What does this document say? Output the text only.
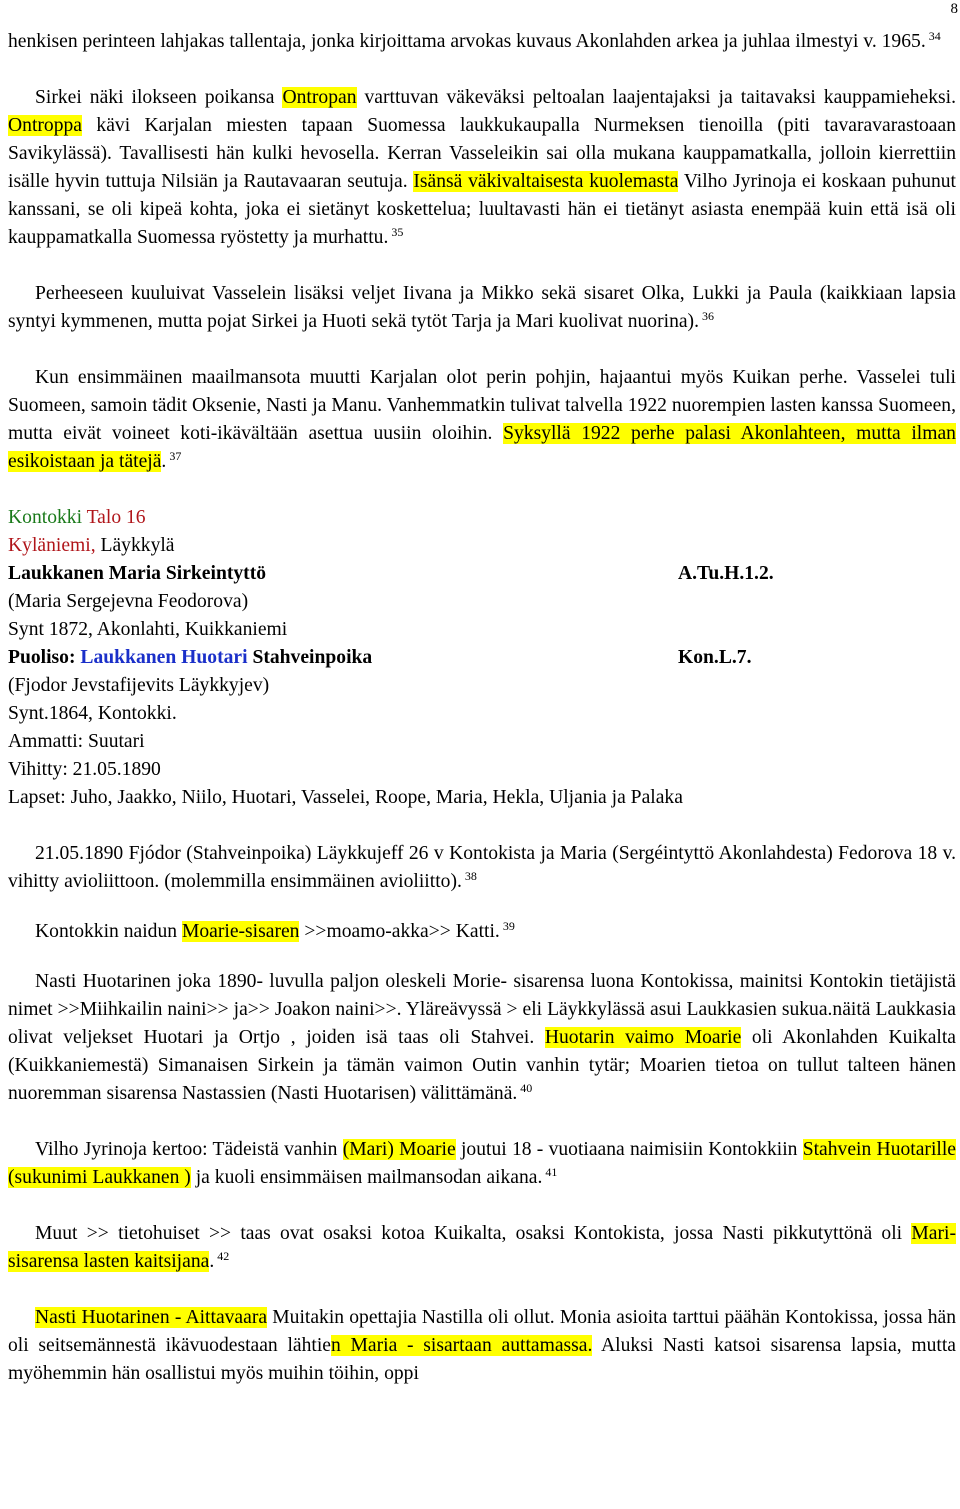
8

henkisen perinteen lahjakas tallentaja, jonka kirjoittama arvokas kuvaus Akonlahden arkea ja juhlaa ilmestyi v. 1965. $^{34}$

Sirkei näki ilokseen poikansa Ontropan varttuvan väkeväksi peltoalan laajentajaksi ja taitavaksi kauppamieheksi. Ontroppa kävi Karjalan miesten tapaan Suomessa laukkukaupalla Nurmeksen tienoilla (piti tavaravarastoaan Savikylässä). Tavallisesti hän kulki hevosella. Kerran Vasseleikin sai olla mukana kauppamatkalla, jolloin kierrettiin isälle hyvin tuttuja Nilsiän ja Rautavaaran seutuja. Isänsä väkivaltaisesta kuolemasta Vilho Jyrinoja ei koskaan puhunut kanssani, se oli kipeä kohta, joka ei sietänyt koskettelua; luultavasti hän ei tietänyt asiasta enempää kuin että isä oli kauppamatkalla Suomessa ryöstetty ja murhattu. $^{35}$

Perheeseen kuuluivat Vasselein lisäksi veljet Iivana ja Mikko sekä sisaret Olka, Lukki ja Paula (kaikkiaan lapsia syntyi kymmenen, mutta pojat Sirkei ja Huoti sekä tytöt Tarja ja Mari kuolivat nuorina). $^{36}$

Kun ensimmäinen maailmansota muutti Karjalan olot perin pohjin, hajaantui myös Kuikan perhe. Vasselei tuli Suomeen, samoin tädit Oksenie, Nasti ja Manu. Vanhemmatkin tulivat talvella 1922 nuorempien lasten kanssa Suomeen, mutta eivät voineet koti-ikävältään asettua uusiin oloihin. Syksyllä 1922 perhe palasi Akonlahteen, mutta ilman esikoistaan ja tätejä. $^{37}$

Kontokki Talo 16
Kyläniemi, Läykkylä
Laukkanen Maria Sirkeintyttö	A.Tu.H.1.2.
(Maria Sergejevna Feodorova)
Synt 1872, Akonlahti, Kuikkaniemi
Puoliso: Laukkanen Huotari Stahveinpoika	Kon.L.7.
(Fjodor Jevstafijevits Läykkyjev)
Synt.1864, Kontokki.
Ammatti: Suutari
Vihitty: 21.05.1890
Lapset: Juho, Jaakko, Niilo, Huotari, Vasselei, Roope, Maria, Hekla, Uljania ja Palaka

21.05.1890 Fjódor (Stahveinpoika) Läykkujeff 26 v Kontokista ja Maria (Sergéintyttö Akonlahdesta) Fedorova 18 v. vihitty avioliittoon. (molemmilla ensimmäinen avioliitto). $^{38}$

Kontokkin naidun Moarie-sisaren >>moamo-akka>> Katti. $^{39}$

Nasti Huotarinen joka 1890- luvulla paljon oleskeli Morie- sisarensa luona Kontokissa, mainitsi Kontokin tietäjistä nimet >>Miihkailin naini>> ja>> Joakon naini>>. Yläreävyssä > eli Läykkylässä asui Laukkasien sukua.näitä Laukkasia olivat veljekset Huotari ja Ortjo , joiden isä taas oli Stahvei. Huotarin vaimo Moarie oli Akonlahden Kuikalta (Kuikkaniemestä) Simanaisen Sirkein ja tämän vaimon Outin vanhin tytär; Moarien tietoa on tullut talteen hänen nuoremman sisarensa Nastassien (Nasti Huotarisen) välittämänä. $^{40}$

Vilho Jyrinoja kertoo: Tädeistä vanhin (Mari) Moarie joutui 18 - vuotiaana naimisiin Kontokkiin Stahvein Huotarille (sukunimi Laukkanen ) ja kuoli ensimmäisen mailmansodan aikana. $^{41}$

Muut >> tietohuiset >> taas ovat osaksi kotoa Kuikalta, osaksi Kontokista, jossa Nasti pikkutyttönä oli Mari- sisarensa lasten kaitsijana. $^{42}$

Nasti Huotarinen - Aittavaara Muitakin opettajia Nastilla oli ollut. Monia asioita tarttui päähän Kontokissa, jossa hän oli seitsemännestä ikävuodestaan lähtien Maria - sisartaan auttamassa. Aluksi Nasti katsoi sisarensa lapsia, mutta myöhemmin hän osallistui myös muihin töihin, oppi
